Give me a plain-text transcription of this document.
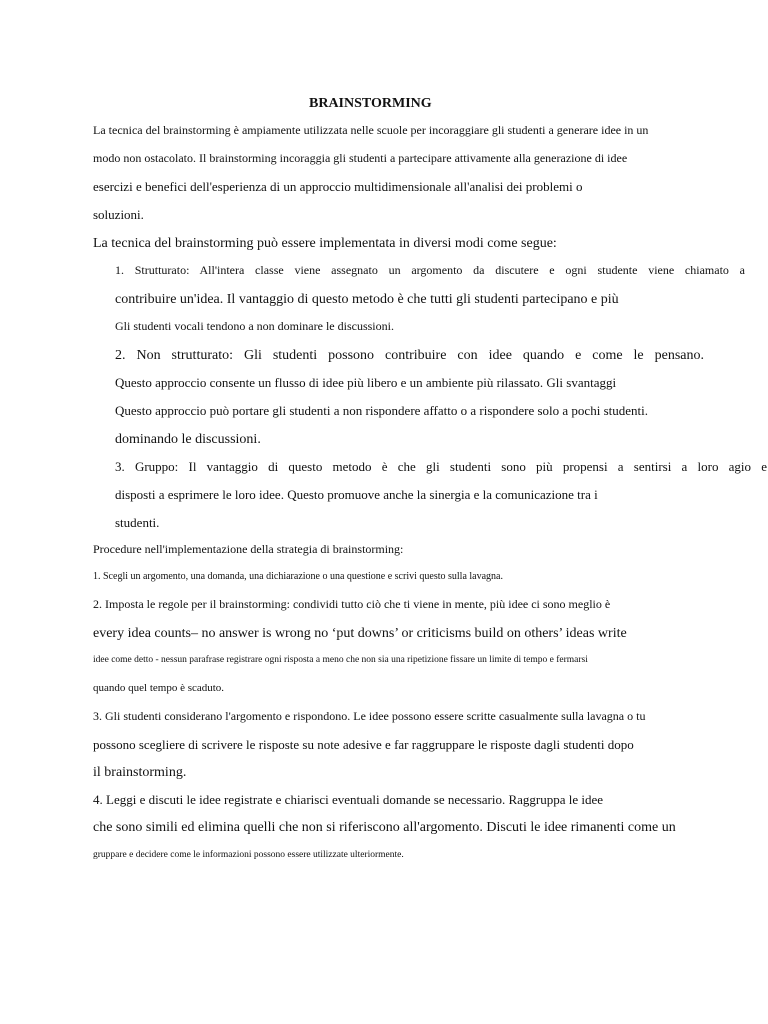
BRAINSTORMING
La tecnica del brainstorming è ampiamente utilizzata nelle scuole per incoraggiare gli studenti a generare idee in un
modo non ostacolato. Il brainstorming incoraggia gli studenti a partecipare attivamente alla generazione di idee
esercizi e benefici dell'esperienza di un approccio multidimensionale all'analisi dei problemi o
soluzioni.
La tecnica del brainstorming può essere implementata in diversi modi come segue:
1. Strutturato: All'intera classe viene assegnato un argomento da discutere e ogni studente viene chiamato a
contribuire un'idea. Il vantaggio di questo metodo è che tutti gli studenti partecipano e più
Gli studenti vocali tendono a non dominare le discussioni.
2. Non strutturato: Gli studenti possono contribuire con idee quando e come le pensano.
Questo approccio consente un flusso di idee più libero e un ambiente più rilassato. Gli svantaggi
Questo approccio può portare gli studenti a non rispondere affatto o a rispondere solo a pochi studenti.
dominando le discussioni.
3. Gruppo: Il vantaggio di questo metodo è che gli studenti sono più propensi a sentirsi a loro agio e
disposti a esprimere le loro idee. Questo promuove anche la sinergia e la comunicazione tra i
studenti.
Procedure nell'implementazione della strategia di brainstorming:
1. Scegli un argomento, una domanda, una dichiarazione o una questione e scrivi questo sulla lavagna.
2. Imposta le regole per il brainstorming: condividi tutto ciò che ti viene in mente, più idee ci sono meglio è
every idea counts– no answer is wrong no ‘put downs’ or criticisms build on others’ ideas write
idee come detto - nessun parafrase registrare ogni risposta a meno che non sia una ripetizione fissare un limite di tempo e fermarsi
quando quel tempo è scaduto.
3. Gli studenti considerano l'argomento e rispondono. Le idee possono essere scritte casualmente sulla lavagna o tu
possono scegliere di scrivere le risposte su note adesive e far raggruppare le risposte dagli studenti dopo
il brainstorming.
4. Leggi e discuti le idee registrate e chiarisci eventuali domande se necessario. Raggruppa le idee
che sono simili ed elimina quelli che non si riferiscono all'argomento. Discuti le idee rimanenti come un
gruppare e decidere come le informazioni possono essere utilizzate ulteriormente.
